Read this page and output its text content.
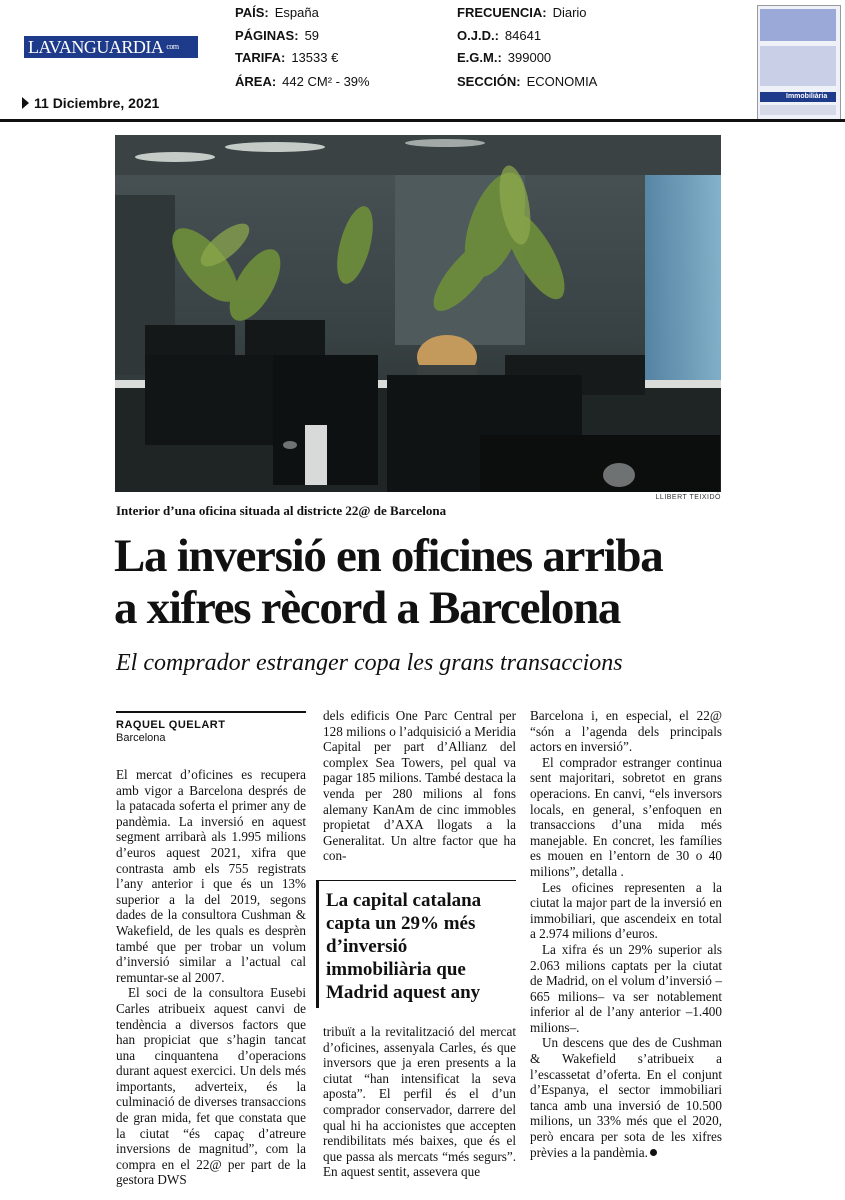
LAVANGUARDIA $^{com}$
PAÍS: España
PÁGINAS: 59
TARIFA: 13533 €
ÁREA: 442 CM² - 39%
FRECUENCIA: Diario
O.J.D.: 84641
E.G.M.: 399000
SECCIÓN: ECONOMIA
11 Diciembre, 2021	Immobiliària
LLIBERT TEIXIDÓ
Interior d’una oficina situada al districte 22@ de Barcelona
La inversió en oficines arriba
a xifres rècord a Barcelona
El comprador estranger copa les grans transaccions
RAQUEL QUELART
Barcelona

El mercat d’oficines es recupera amb vigor a Barcelona després de la patacada soferta el primer any de pandèmia. La inversió en aquest segment arribarà als 1.995 milions d’euros aquest 2021, xifra que contrasta amb els 755 registrats l’any anterior i que és un 13% superior a la del 2019, segons dades de la consultora Cushman & Wakefield, de les quals es desprèn també que per trobar un volum d’inversió similar a l’actual cal remuntar-se al 2007.

El soci de la consultora Eusebi Carles atribueix aquest canvi de tendència a diversos factors que han propiciat que s’hagin tancat una cinquantena d’operacions durant aquest exercici. Un dels més importants, adverteix, és la culminació de diverses transaccions de gran mida, fet que constata que la ciutat “és capaç d’atreure inversions de magnitud”, com la compra en el 22@ per part de la gestora DWS

dels edificis One Parc Central per 128 milions o l’adquisició a Meridia Capital per part d’Allianz del complex Sea Towers, pel qual va pagar 185 milions. També destaca la venda per 280 milions al fons alemany KanAm de cinc immobles propietat d’AXA llogats a la Generalitat. Un altre factor que ha con-

La capital catalana capta un 29% més d’inversió immobiliària que Madrid aquest any

tribuït a la revitalització del mercat d’oficines, assenyala Carles, és que inversors que ja eren presents a la ciutat “han intensificat la seva aposta”. El perfil és el d’un comprador conservador, darrere del qual hi ha accionistes que accepten rendibilitats més baixes, que és el que passa als mercats “més segurs”. En aquest sentit, assevera que

Barcelona i, en especial, el 22@ “són a l’agenda dels principals actors en inversió”.

El comprador estranger continua sent majoritari, sobretot en grans operacions. En canvi, “els inversors locals, en general, s’enfoquen en transaccions d’una mida més manejable. En concret, les famílies es mouen en l’entorn de 30 o 40 milions”, detalla .

Les oficines representen a la ciutat la major part de la inversió en immobiliari, que ascendeix en total a 2.974 milions d’euros.

La xifra és un 29% superior als 2.063 milions captats per la ciutat de Madrid, on el volum d’inversió –665 milions– va ser notablement inferior al de l’any anterior –1.400 milions–.

Un descens que des de Cushman & Wakefield s’atribueix a l’escassetat d’oferta. En el conjunt d’Espanya, el sector immobiliari tanca amb una inversió de 10.500 milions, un 33% més que el 2020, però encara per sota de les xifres prèvies a la pandèmia.
